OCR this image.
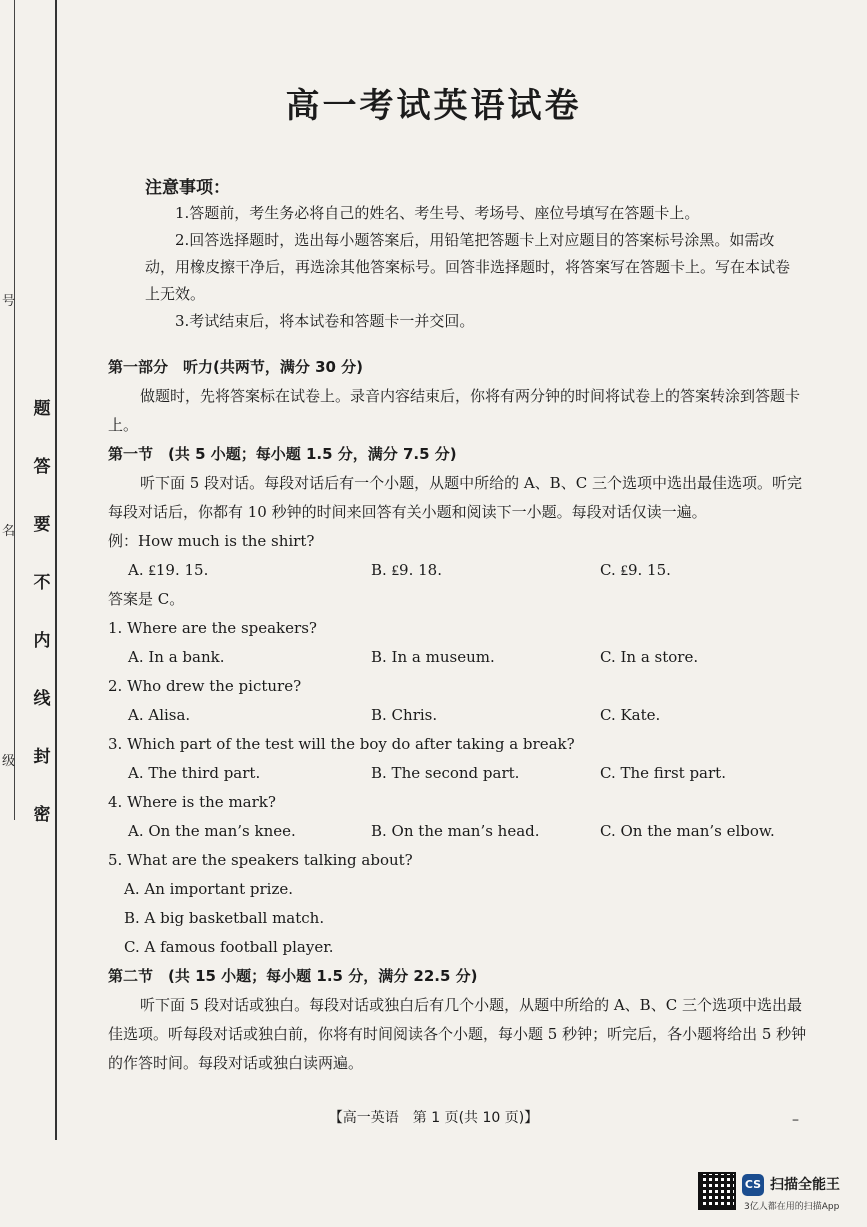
题
答
要
不
内
线
封
密
号
名
级
高一考试英语试卷
注意事项：

1.答题前，考生务必将自己的姓名、考生号、考场号、座位号填写在答题卡上。

2.回答选择题时，选出每小题答案后，用铅笔把答题卡上对应题目的答案标号涂黑。如需改动，用橡皮擦干净后，再选涂其他答案标号。回答非选择题时，将答案写在答题卡上。写在本试卷上无效。

3.考试结束后，将本试卷和答题卡一并交回。

第一部分　听力(共两节，满分 30 分)

做题时，先将答案标在试卷上。录音内容结束后，你将有两分钟的时间将试卷上的答案转涂到答题卡上。

第一节　(共 5 小题；每小题 1.5 分，满分 7.5 分)

听下面 5 段对话。每段对话后有一个小题，从题中所给的 A、B、C 三个选项中选出最佳选项。听完每段对话后，你都有 10 秒钟的时间来回答有关小题和阅读下一小题。每段对话仅读一遍。

例：How much is the shirt?

A. ₤19. 15.	B. ₤9. 18.	C. ₤9. 15.

答案是 C。

1. Where are the speakers?

A. In a bank.	B. In a museum.	C. In a store.

2. Who drew the picture?

A. Alisa.	B. Chris.	C. Kate.

3. Which part of the test will the boy do after taking a break?

A. The third part.	B. The second part.	C. The first part.

4. Where is the mark?

A. On the man’s knee.	B. On the man’s head.	C. On the man’s elbow.

5. What are the speakers talking about?

A. An important prize.

B. A big basketball match.

C. A famous football player.

第二节　(共 15 小题；每小题 1.5 分，满分 22.5 分)

听下面 5 段对话或独白。每段对话或独白后有几个小题，从题中所给的 A、B、C 三个选项中选出最佳选项。听每段对话或独白前，你将有时间阅读各个小题，每小题 5 秒钟；听完后，各小题将给出 5 秒钟的作答时间。每段对话或独白读两遍。

【高一英语　第 1 页(共 10 页)】	–
CS 扫描全能王
3亿人都在用的扫描App
